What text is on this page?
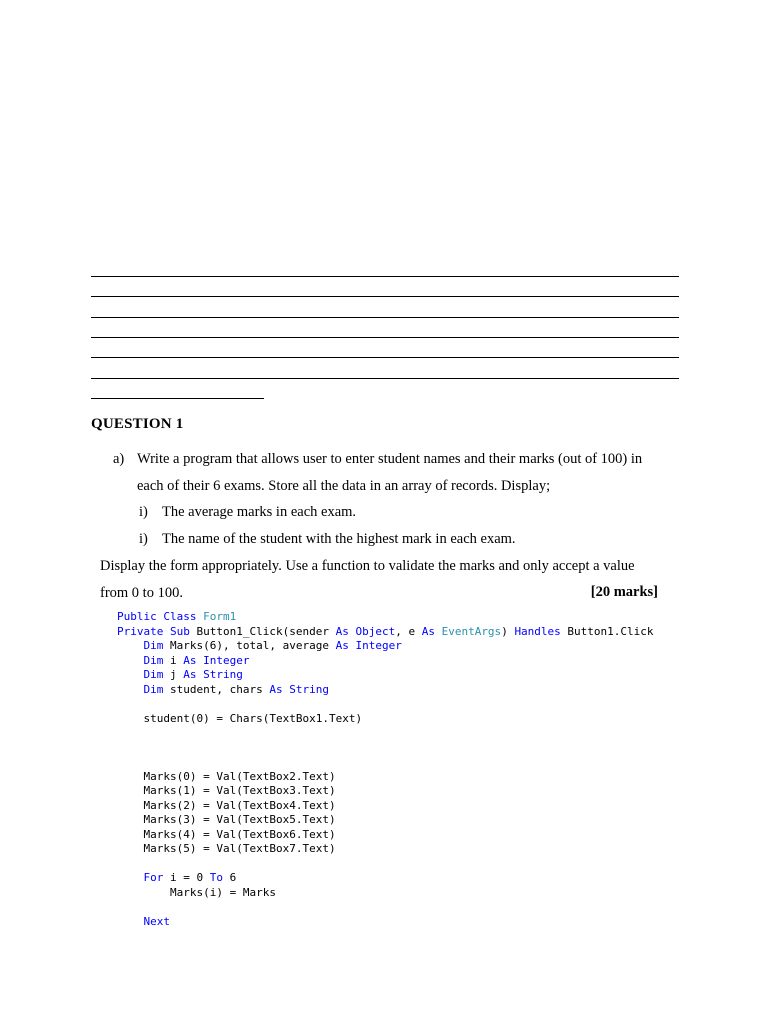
QUESTION 1
a) Write a program that allows user to enter student names and their marks (out of 100) in
each of their 6 exams. Store all the data in an array of records. Display;
i) The average marks in each exam.
i) The name of the student with the highest mark in each exam.
Display the form appropriately. Use a function to validate the marks and only accept a value
from 0 to 100.	[20 marks]
Public Class Form1
Private Sub Button1_Click(sender As Object, e As EventArgs) Handles Button1.Click
Dim Marks(6), total, average As Integer
Dim i As Integer
Dim j As String
Dim student, chars As String

student(0) = Chars(TextBox1.Text)

Marks(0) = Val(TextBox2.Text)
Marks(1) = Val(TextBox3.Text)
Marks(2) = Val(TextBox4.Text)
Marks(3) = Val(TextBox5.Text)
Marks(4) = Val(TextBox6.Text)
Marks(5) = Val(TextBox7.Text)

For i = 0 To 6
Marks(i) = Marks

Next
